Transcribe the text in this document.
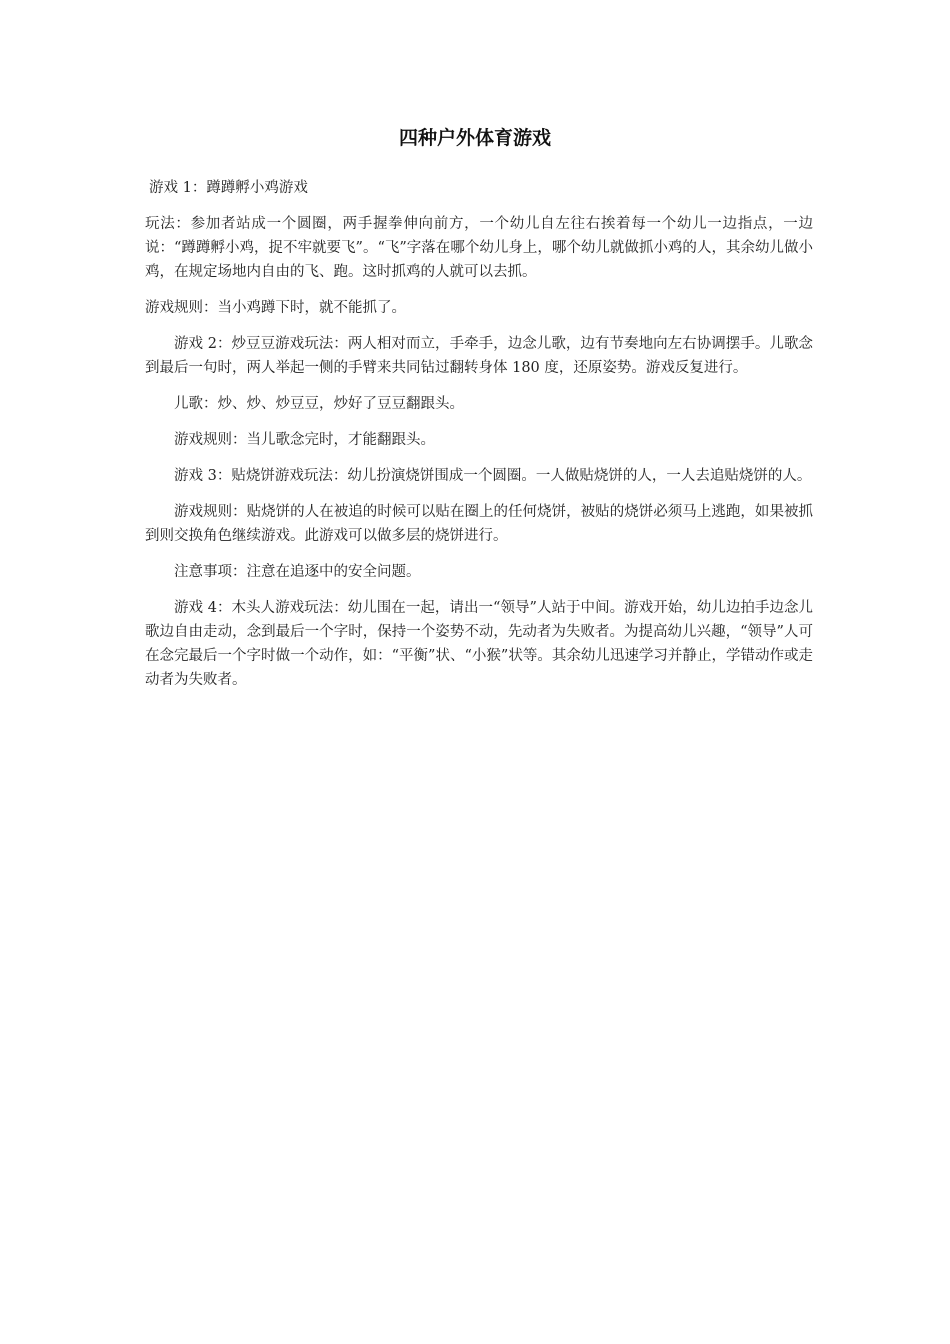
四种户外体育游戏

游戏 1：蹲蹲孵小鸡游戏

玩法：参加者站成一个圆圈，两手握拳伸向前方，一个幼儿自左往右挨着每一个幼儿一边指点，一边说：“蹲蹲孵小鸡，捉不牢就要飞”。“飞”字落在哪个幼儿身上，哪个幼儿就做抓小鸡的人，其余幼儿做小鸡，在规定场地内自由的飞、跑。这时抓鸡的人就可以去抓。

游戏规则：当小鸡蹲下时，就不能抓了。

游戏 2：炒豆豆游戏玩法：两人相对而立，手牵手，边念儿歌，边有节奏地向左右协调摆手。儿歌念到最后一句时，两人举起一侧的手臂来共同钻过翻转身体 180 度，还原姿势。游戏反复进行。

儿歌：炒、炒、炒豆豆，炒好了豆豆翻跟头。

游戏规则：当儿歌念完时，才能翻跟头。

游戏 3：贴烧饼游戏玩法：幼儿扮演烧饼围成一个圆圈。一人做贴烧饼的人，一人去追贴烧饼的人。

游戏规则：贴烧饼的人在被追的时候可以贴在圈上的任何烧饼，被贴的烧饼必须马上逃跑，如果被抓到则交换角色继续游戏。此游戏可以做多层的烧饼进行。

注意事项：注意在追逐中的安全问题。

游戏 4：木头人游戏玩法：幼儿围在一起，请出一“领导”人站于中间。游戏开始，幼儿边拍手边念儿歌边自由走动，念到最后一个字时，保持一个姿势不动，先动者为失败者。为提高幼儿兴趣，“领导”人可在念完最后一个字时做一个动作，如：“平衡”状、“小猴”状等。其余幼儿迅速学习并静止，学错动作或走动者为失败者。
